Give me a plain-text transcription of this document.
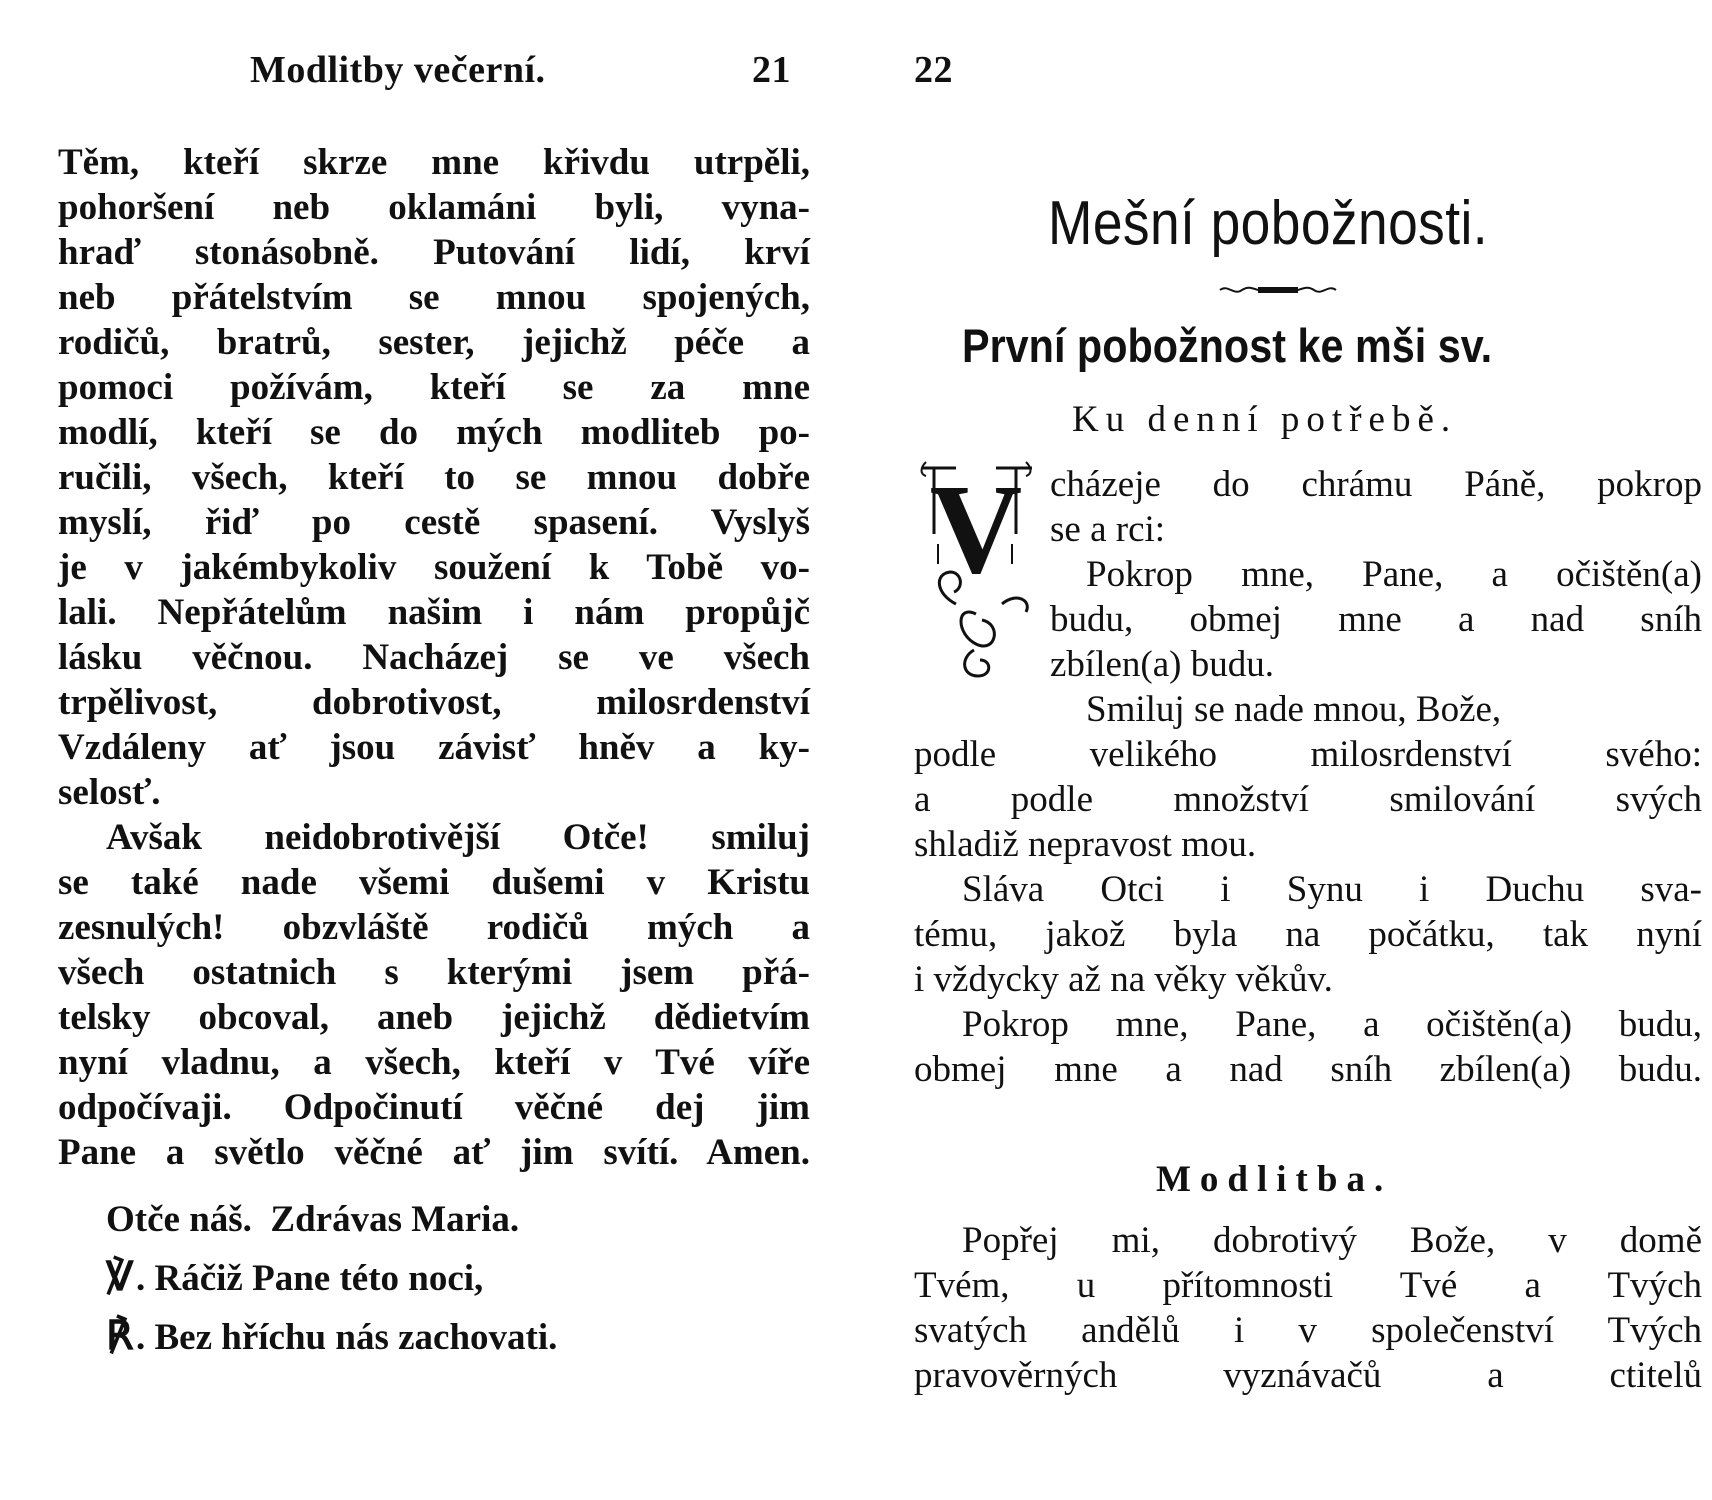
Modlitby večerní.	21
Těm, kteří skrze mne křivdu utrpěli,
pohoršení neb oklamáni byli, vyna-
hraď stonásobně. Putování lidí, krví
neb přátelstvím se mnou spojených,
rodičů, bratrů, sester, jejichž péče a
pomoci požívám, kteří se za mne
modlí, kteří se do mých modliteb po-
ručili, všech, kteří to se mnou dobře
myslí, řiď po cestě spasení. Vyslyš
je v jakémbykoliv soužení k Tobě vo-
lali. Nepřátelům našim i nám propůjč
lásku věčnou. Nacházej se ve všech
trpělivost, dobrotivost, milosrdenství
Vzdáleny ať jsou závisť hněv a ky-
selosť.
Avšak neidobrotivější Otče! smiluj
se také nade všemi dušemi v Kristu
zesnulých! obzvláště rodičů mých a
všech ostatnich s kterými jsem přá-
telsky obcoval, aneb jejichž dědietvím
nyní vladnu, a všech, kteří v Tvé víře
odpočívaji. Odpočinutí věčné dej jim
Pane a světlo věčné ať jim svítí. Amen.
Otče náš.  Zdrávas Maria.
℣. Ráčiž Pane této noci,
℟. Bez hříchu nás zachovati.
22
Mešní pobožnosti.
První pobožnost ke mši sv.
Ku denní potřebě.
V cházeje do chrámu Páně, pokrop
se a rci:
Pokrop mne, Pane, a očištěn(a)
budu, obmej mne a nad sníh
zbílen(a) budu.
Smiluj se nade mnou, Bože,
podle velikého milosrdenství svého:
a podle množství smilování svých
shladiž nepravost mou.
Sláva Otci i Synu i Duchu sva-
tému, jakož byla na počátku, tak nyní
i vždycky až na věky věkův.
Pokrop mne, Pane, a očištěn(a) budu,
obmej mne a nad sníh zbílen(a) budu.
Modlitba.
Popřej mi, dobrotivý Bože, v domě
Tvém, u přítomnosti Tvé a Tvých
svatých andělů i v společenství Tvých
pravověrných vyznávačů a ctitelů
